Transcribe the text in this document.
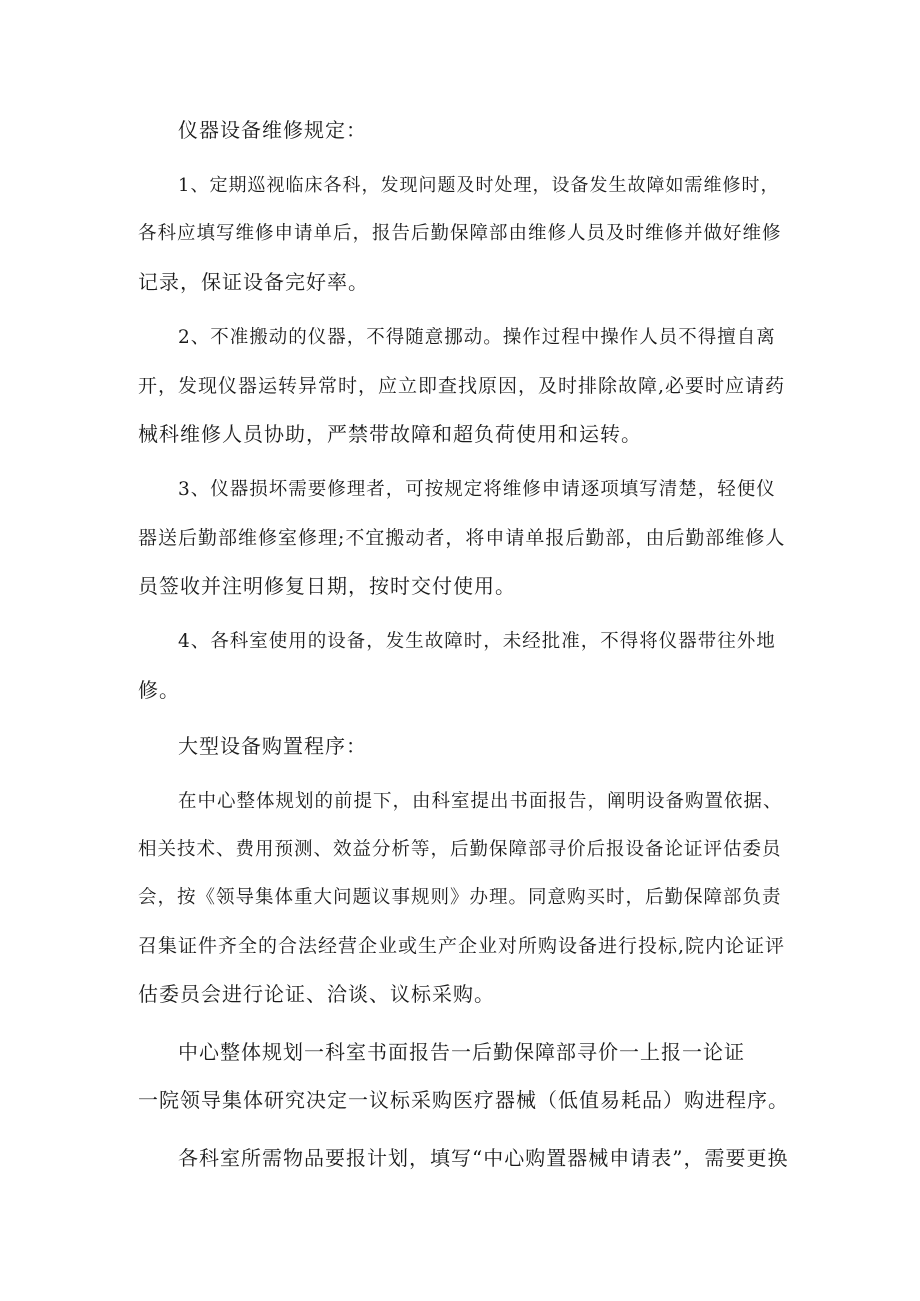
仪器设备维修规定：
1、定期巡视临床各科，发现问题及时处理，设备发生故障如需维修时，
各科应填写维修申请单后，报告后勤保障部由维修人员及时维修并做好维修
记录，保证设备完好率。
2、不准搬动的仪器，不得随意挪动。操作过程中操作人员不得擅自离
开，发现仪器运转异常时，应立即查找原因，及时排除故障,必要时应请药
械科维修人员协助，严禁带故障和超负荷使用和运转。
3、仪器损坏需要修理者，可按规定将维修申请逐项填写清楚，轻便仪
器送后勤部维修室修理;不宜搬动者，将申请单报后勤部，由后勤部维修人
员签收并注明修复日期，按时交付使用。
4、各科室使用的设备，发生故障时，未经批准，不得将仪器带往外地
修。
大型设备购置程序：
在中心整体规划的前提下，由科室提出书面报告，阐明设备购置依据、
相关技术、费用预测、效益分析等，后勤保障部寻价后报设备论证评估委员
会，按《领导集体重大问题议事规则》办理。同意购买时，后勤保障部负责
召集证件齐全的合法经营企业或生产企业对所购设备进行投标,院内论证评
估委员会进行论证、洽谈、议标采购。
中心整体规划一科室书面报告一后勤保障部寻价一上报一论证
一院领导集体研究决定一议标采购医疗器械（低值易耗品）购进程序。
各科室所需物品要报计划，填写“中心购置器械申请表”，需要更换
